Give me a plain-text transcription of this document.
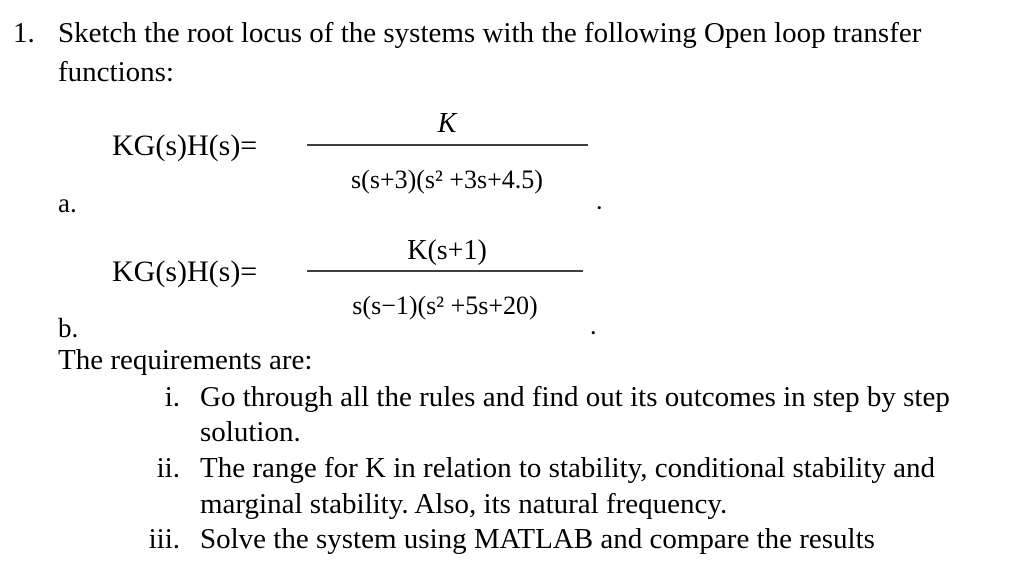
1. Sketch the root locus of the systems with the following Open loop transfer
functions:
KG(s)H(s)=
K
s(s+3)(s² +3s+4.5)
KG(s)H(s)=
K(s+1)
s(s−1)(s² +5s+20)
a.	.
b.	.
The requirements are:
i. Go through all the rules and find out its outcomes in step by step
solution.
ii. The range for K in relation to stability, conditional stability and
marginal stability. Also, its natural frequency.
iii. Solve the system using MATLAB and compare the results
